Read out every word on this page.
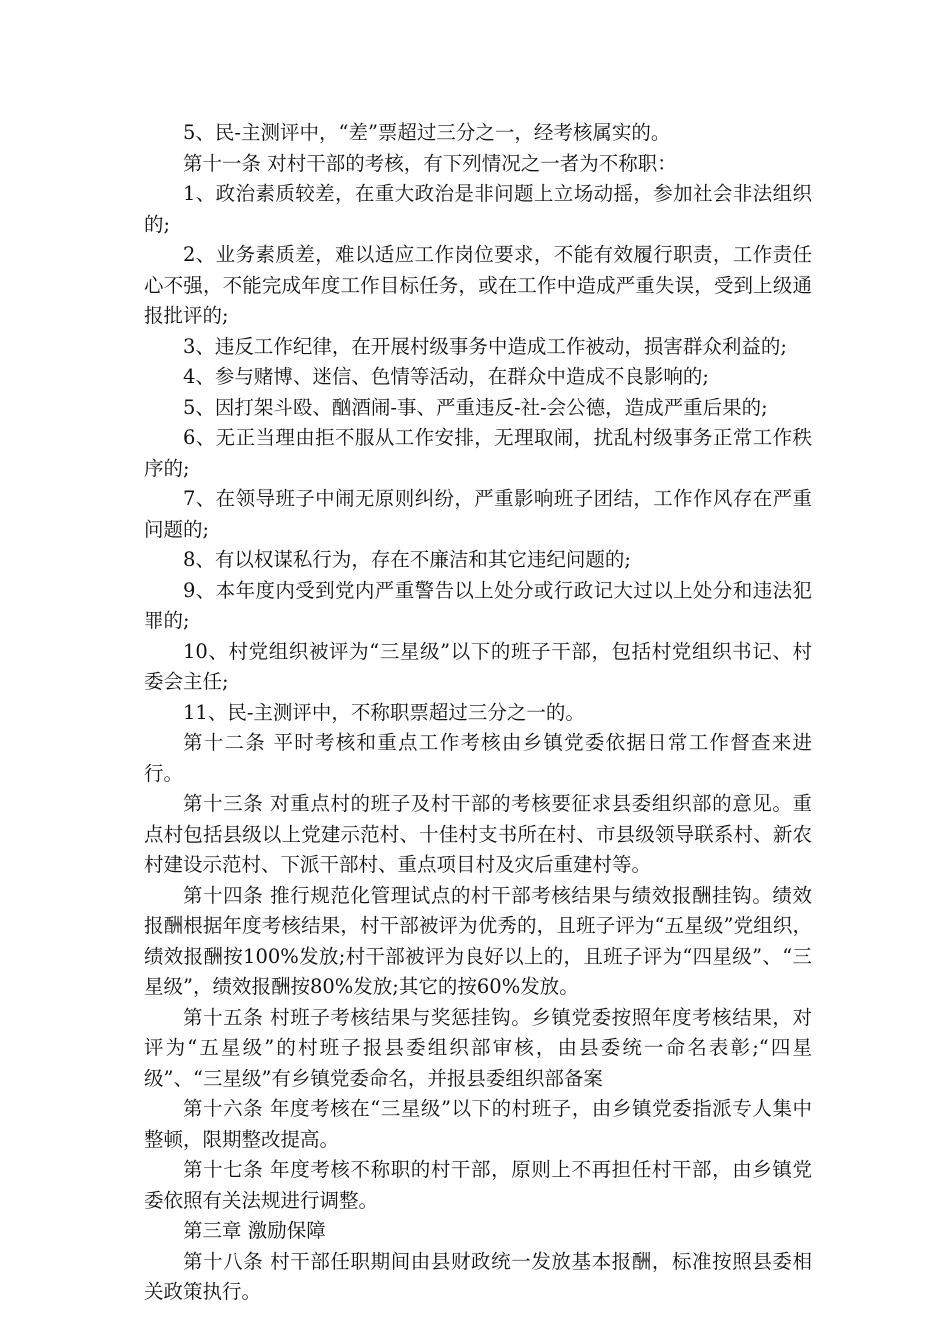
5、民-主测评中，“差”票超过三分之一，经考核属实的。

第十一条 对村干部的考核，有下列情况之一者为不称职：

1、政治素质较差，在重大政治是非问题上立场动摇，参加社会非法组织的;

2、业务素质差，难以适应工作岗位要求，不能有效履行职责，工作责任心不强，不能完成年度工作目标任务，或在工作中造成严重失误，受到上级通报批评的;

3、违反工作纪律，在开展村级事务中造成工作被动，损害群众利益的;

4、参与赌博、迷信、色情等活动，在群众中造成不良影响的;

5、因打架斗殴、酗酒闹-事、严重违反-社-会公德，造成严重后果的;

6、无正当理由拒不服从工作安排，无理取闹，扰乱村级事务正常工作秩序的;

7、在领导班子中闹无原则纠纷，严重影响班子团结，工作作风存在严重问题的;

8、有以权谋私行为，存在不廉洁和其它违纪问题的;

9、本年度内受到党内严重警告以上处分或行政记大过以上处分和违法犯罪的;

10、村党组织被评为“三星级”以下的班子干部，包括村党组织书记、村委会主任;

11、民-主测评中，不称职票超过三分之一的。

第十二条 平时考核和重点工作考核由乡镇党委依据日常工作督查来进行。

第十三条 对重点村的班子及村干部的考核要征求县委组织部的意见。重点村包括县级以上党建示范村、十佳村支书所在村、市县级领导联系村、新农村建设示范村、下派干部村、重点项目村及灾后重建村等。

第十四条 推行规范化管理试点的村干部考核结果与绩效报酬挂钩。绩效报酬根据年度考核结果，村干部被评为优秀的，且班子评为“五星级”党组织，绩效报酬按100%发放;村干部被评为良好以上的，且班子评为“四星级”、“三星级”，绩效报酬按80%发放;其它的按60%发放。

第十五条 村班子考核结果与奖惩挂钩。乡镇党委按照年度考核结果，对评为“五星级”的村班子报县委组织部审核，由县委统一命名表彰;“四星级”、“三星级”有乡镇党委命名，并报县委组织部备案

第十六条 年度考核在“三星级”以下的村班子，由乡镇党委指派专人集中整顿，限期整改提高。

第十七条 年度考核不称职的村干部，原则上不再担任村干部，由乡镇党委依照有关法规进行调整。

第三章 激励保障

第十八条 村干部任职期间由县财政统一发放基本报酬，标准按照县委相关政策执行。
